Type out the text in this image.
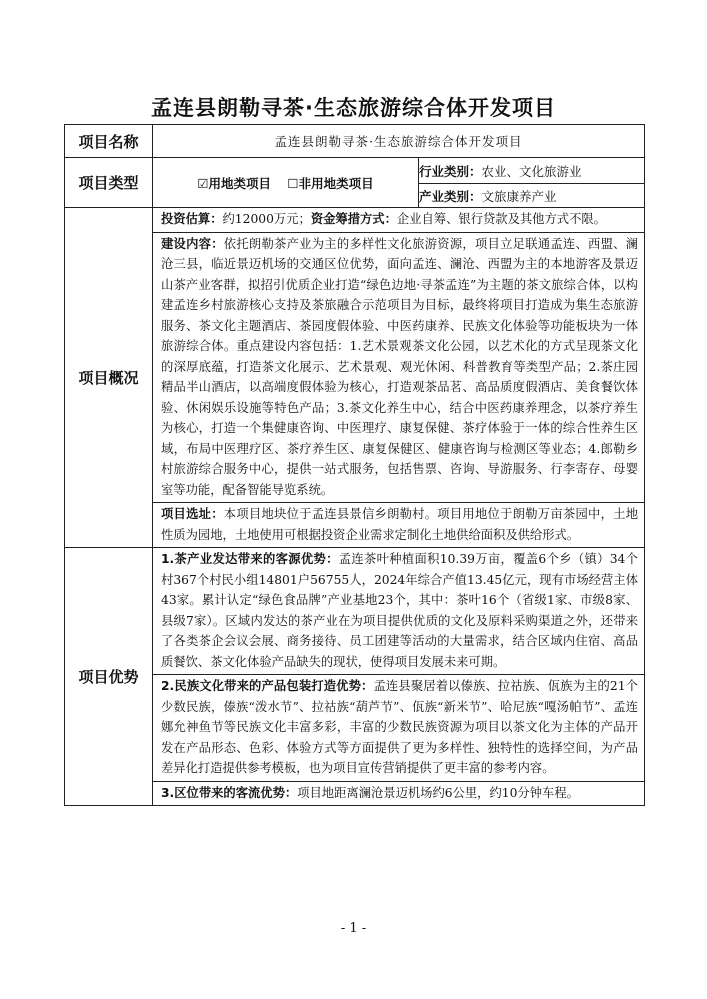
孟连县朗勒寻茶·生态旅游综合体开发项目
项目名称	孟连县朗勒寻茶·生态旅游综合体开发项目	
项目类型	☑用地类项目 ☐非用地类项目	行业类别：农业、文化旅游业
		产业类别：文旅康养产业
项目概况	投资估算：约12000万元；资金筹措方式：企业自筹、银行贷款及其他方式不限。
建设内容：依托朗勒茶产业为主的多样性文化旅游资源，项目立足联通孟连、西盟、澜沧三县，临近景迈机场的交通区位优势，面向孟连、澜沧、西盟为主的本地游客及景迈山茶产业客群，拟招引优质企业打造“绿色边地·寻茶孟连”为主题的茶文旅综合体，以构建孟连乡村旅游核心支持及茶旅融合示范项目为目标，最终将项目打造成为集生态旅游服务、茶文化主题酒店、茶园度假体验、中医药康养、民族文化体验等功能板块为一体旅游综合体。重点建设内容包括：1.艺术景观茶文化公园，以艺术化的方式呈现茶文化的深厚底蕴，打造茶文化展示、艺术景观、观光休闲、科普教育等类型产品；2.茶庄园精品半山酒店，以高端度假体验为核心，打造观茶品茗、高品质度假酒店、美食餐饮体验、休闲娱乐设施等特色产品；3.茶文化养生中心，结合中医药康养理念，以茶疗养生为核心，打造一个集健康咨询、中医理疗、康复保健、茶疗体验于一体的综合性养生区域，布局中医理疗区、茶疗养生区、康复保健区、健康咨询与检测区等业态；4.郎勒乡村旅游综合服务中心，提供一站式服务，包括售票、咨询、导游服务、行李寄存、母婴室等功能，配备智能导览系统。
项目选址：本项目地块位于孟连县景信乡朗勒村。项目用地位于朗勒万亩茶园中，土地性质为园地，土地使用可根据投资企业需求定制化土地供给面积及供给形式。	

项目优势	1.茶产业发达带来的客源优势：孟连茶叶种植面积10.39万亩，覆盖6个乡（镇）34个村367个村民小组14801户56755人，2024年综合产值13.45亿元，现有市场经营主体43家。累计认定“绿色食品牌”产业基地23个，其中：茶叶16个（省级1家、市级8家、县级7家）。区域内发达的茶产业在为项目提供优质的文化及原料采购渠道之外，还带来了各类茶企会议会展、商务接待、员工团建等活动的大量需求，结合区域内住宿、高品质餐饮、茶文化体验产品缺失的现状，使得项目发展未来可期。
2.民族文化带来的产品包装打造优势：孟连县聚居着以傣族、拉祜族、佤族为主的21个少数民族，傣族“泼水节”、拉祜族“葫芦节”、佤族“新米节”、哈尼族“嘎汤帕节”、孟连娜允神鱼节等民族文化丰富多彩，丰富的少数民族资源为项目以茶文化为主体的产品开发在产品形态、色彩、体验方式等方面提供了更为多样性、独特性的选择空间，为产品差异化打造提供参考模板，也为项目宣传营销提供了更丰富的参考内容。
3.区位带来的客流优势：项目地距离澜沧景迈机场约6公里，约10分钟车程。	
- 1 -
